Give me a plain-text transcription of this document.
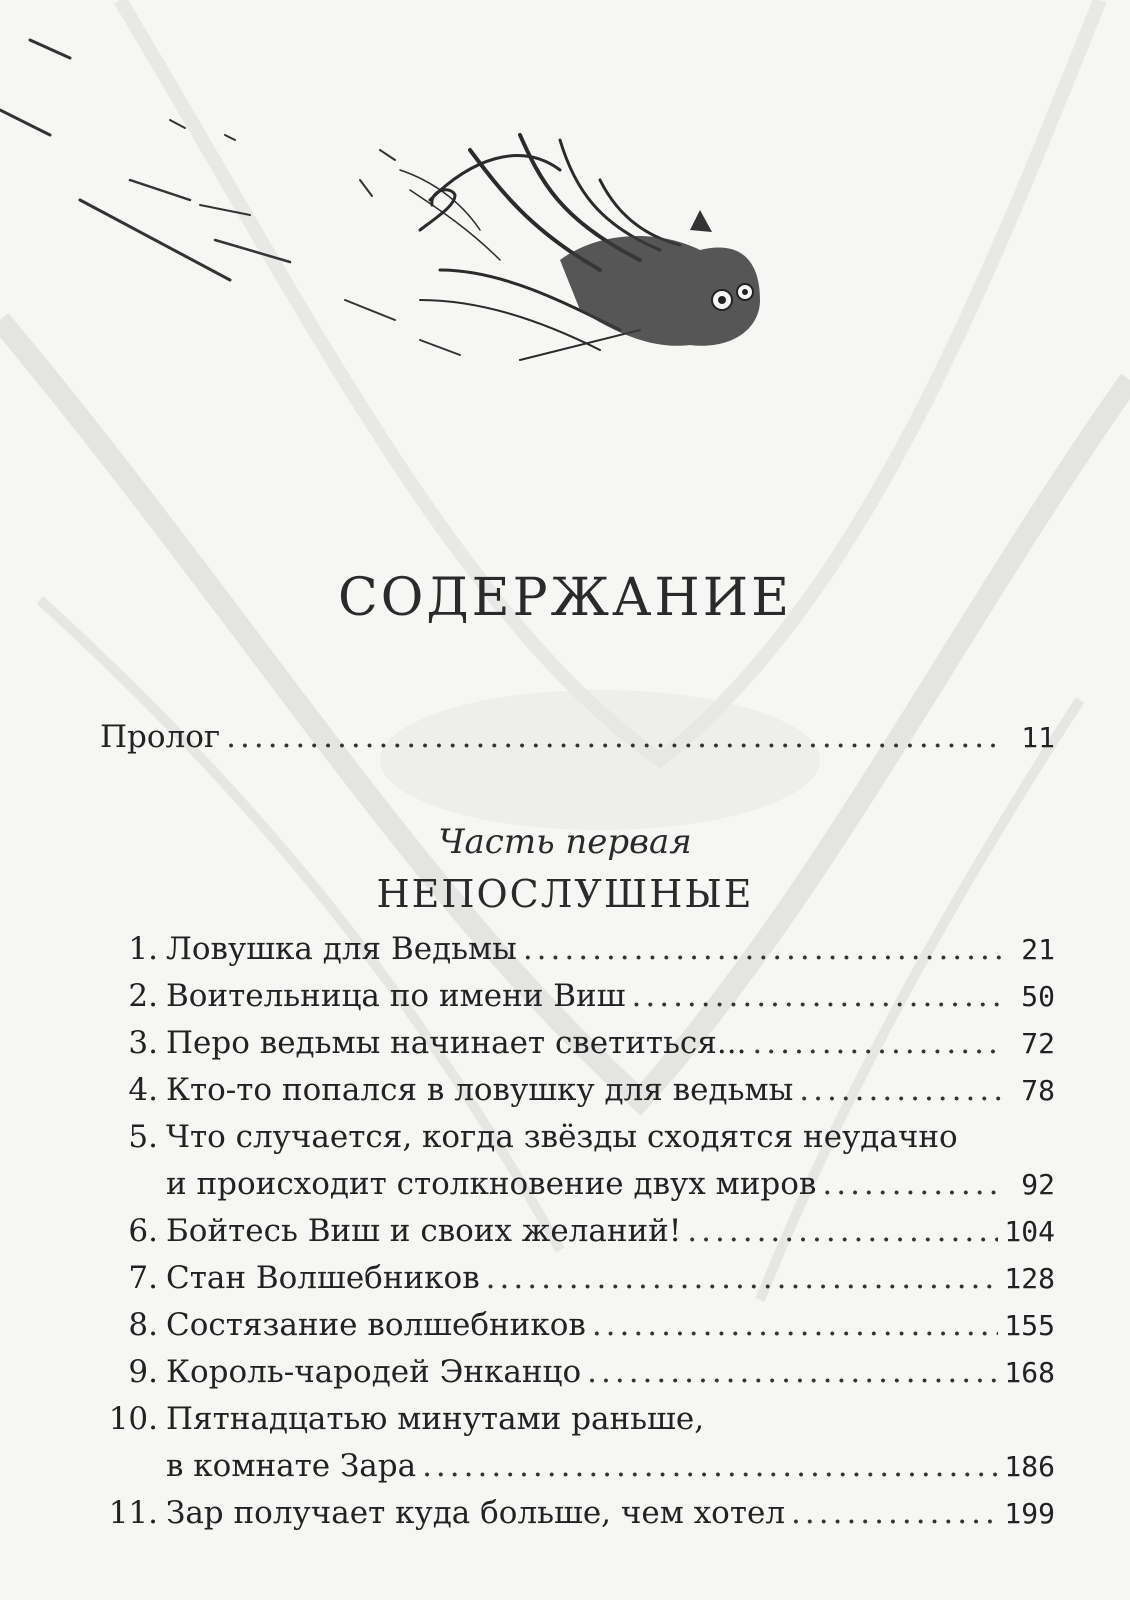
СОДЕРЖАНИЕ
Пролог .....	11
Часть первая
НЕПОСЛУШНЫЕ
1. Ловушка для Ведьмы .....	21
2. Воительница по имени Виш .....	50
3. Перо ведьмы начинает светиться... .....	72
4. Кто-то попался в ловушку для ведьмы .....	78
5. Что случается, когда звёзды сходятся неудачно
и происходит столкновение двух миров .....	92
6. Бойтесь Виш и своих желаний! .....	104
7. Стан Волшебников .....	128
8. Состязание волшебников .....	155
9. Король-чародей Энканцо .....	168
10. Пятнадцатью минутами раньше,
в комнате Зара .....	186
11. Зар получает куда больше, чем хотел .....	199
